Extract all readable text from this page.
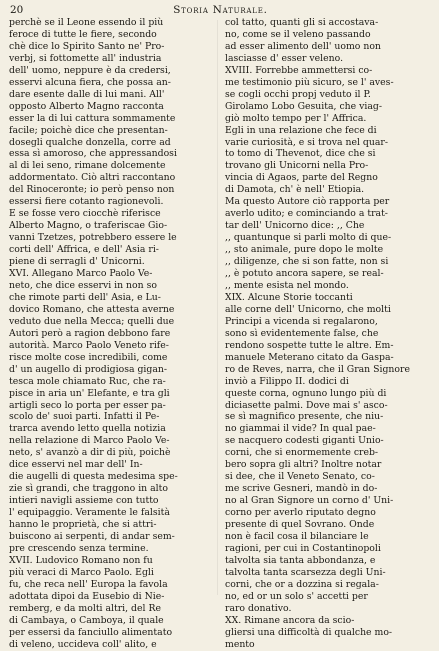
20	Storia Naturale.
perchè se il Leone essendo il più
feroce di tutte le fiere, secondo
chè dice lo Spirito Santo ne' Pro-
verbj, si fottomette all' industria
dell' uomo, neppure è da credersi,
esservi alcuna fiera, che possa an-
dare esente dalle di lui mani. All'
opposto Alberto Magno racconta
esser la di lui cattura sommamente
facile; poichè dice che presentan-
dosegli qualche donzella, corre ad
essa sì amoroso, che appressandosi
al di lei seno, rimane dolcemente
addormentato. Ciò altri raccontano
del Rinoceronte; io però penso non
essersi fiere cotanto ragionevoli.
E se fosse vero ciocchè riferisce
Alberto Magno, o traferiscae Gio-
vanni Tzetzes, potrebbero essere le
corti dell' Affrica, e dell' Asia ri-
piene di serragli d' Unicorni.
XVI. Allegano Marco Paolo Ve-
neto, che dice esservi in non so
che rimote parti dell' Asia, e Lu-
dovico Romano, che attesta averne
veduto due nella Mecca; quelli due
Autori però a ragion debbono fare
autorità. Marco Paolo Veneto rife-
risce molte cose incredibili, come
d' un augello di prodigiosa gigan-
tesca mole chiamato Ruc, che ra-
pisce in aria un' Elefante, e tra gli
artigli seco lo porta per esser pa-
scolo de' suoi parti. Infatti il Pe-
trarca avendo letto quella notizia
nella relazione di Marco Paolo Ve-
neto, s' avanzò a dir di più, poichè
dice esservi nel mar dell' In-
die augelli di questa medesima spe-
zie sì grandi, che traggono in alto
intieri navigli assieme con tutto
l' equipaggio. Veramente le falsità
hanno le proprietà, che si attri-
buiscono ai serpenti, di andar sem-
pre crescendo senza termine.
XVII. Ludovico Romano non fu
più veraci di Marco Paolo. Egli
fu, che reca nell' Europa la favola
adottata dipoi da Eusebio di Nie-
remberg, e da molti altri, del Re
di Cambaya, o Camboya, il quale
per essersi da fanciullo alimentato
di veleno, uccideva coll' alito, e
col tatto, quanti gli si accostava-
no, come se il veleno passando
ad esser alimento dell' uomo non
lasciasse d' esser veleno.
XVIII. Forrebbe ammettersi co-
me testimonio più sicuro, se l' aves-
se cogli occhi propj veduto il P.
Girolamo Lobo Gesuita, che viag-
giò molto tempo per l' Affrica.
Egli in una relazione che fece di
varie curiosità, e si trova nel quar-
to tomo di Thevenot, dice che si
trovano gli Unicorni nella Pro-
vincia di Agaos, parte del Regno
di Damota, ch' è nell' Etiopia.
Ma questo Autore ciò rapporta per
averlo udito; e cominciando a trat-
tar dell' Unicorno dice: ,, Che
,, quantunque si parli molto di que-
,, sto animale, pure dopo le molte
,, diligenze, che si son fatte, non si
,, è potuto ancora sapere, se real-
,, mente esista nel mondo.
XIX. Alcune Storie toccanti
alle corne dell' Unicorno, che molti
Principi a vicenda si regalarono,
sono sì evidentemente false, che
rendono sospette tutte le altre. Em-
manuele Meterano citato da Gaspa-
ro de Reves, narra, che il Gran Signore
inviò a Filippo II. dodici di
queste corna, ognuno lungo più di
diciasette palmi. Dove mai s' asco-
se sì magnifico presente, che niu-
no giammai il vide? In qual pae-
se nacquero codesti giganti Unio-
corni, che si enormemente creb-
bero sopra gli altri? Inoltre notar
si dee, che il Veneto Senato, co-
me scrive Gesneri, mandò in do-
no al Gran Signore un corno d' Uni-
corno per averlo riputato degno
presente di quel Sovrano. Onde
non è facil cosa il bilanciare le
ragioni, per cui in Costantinopoli
talvolta sia tanta abbondanza, e
talvolta tanta scarsezza degli Uni-
corni, che or a dozzina si regala-
no, ed or un solo s' accetti per
raro donativo.
XX. Rimane ancora da scio-
gliersi una difficoltà di qualche mo-
mento
